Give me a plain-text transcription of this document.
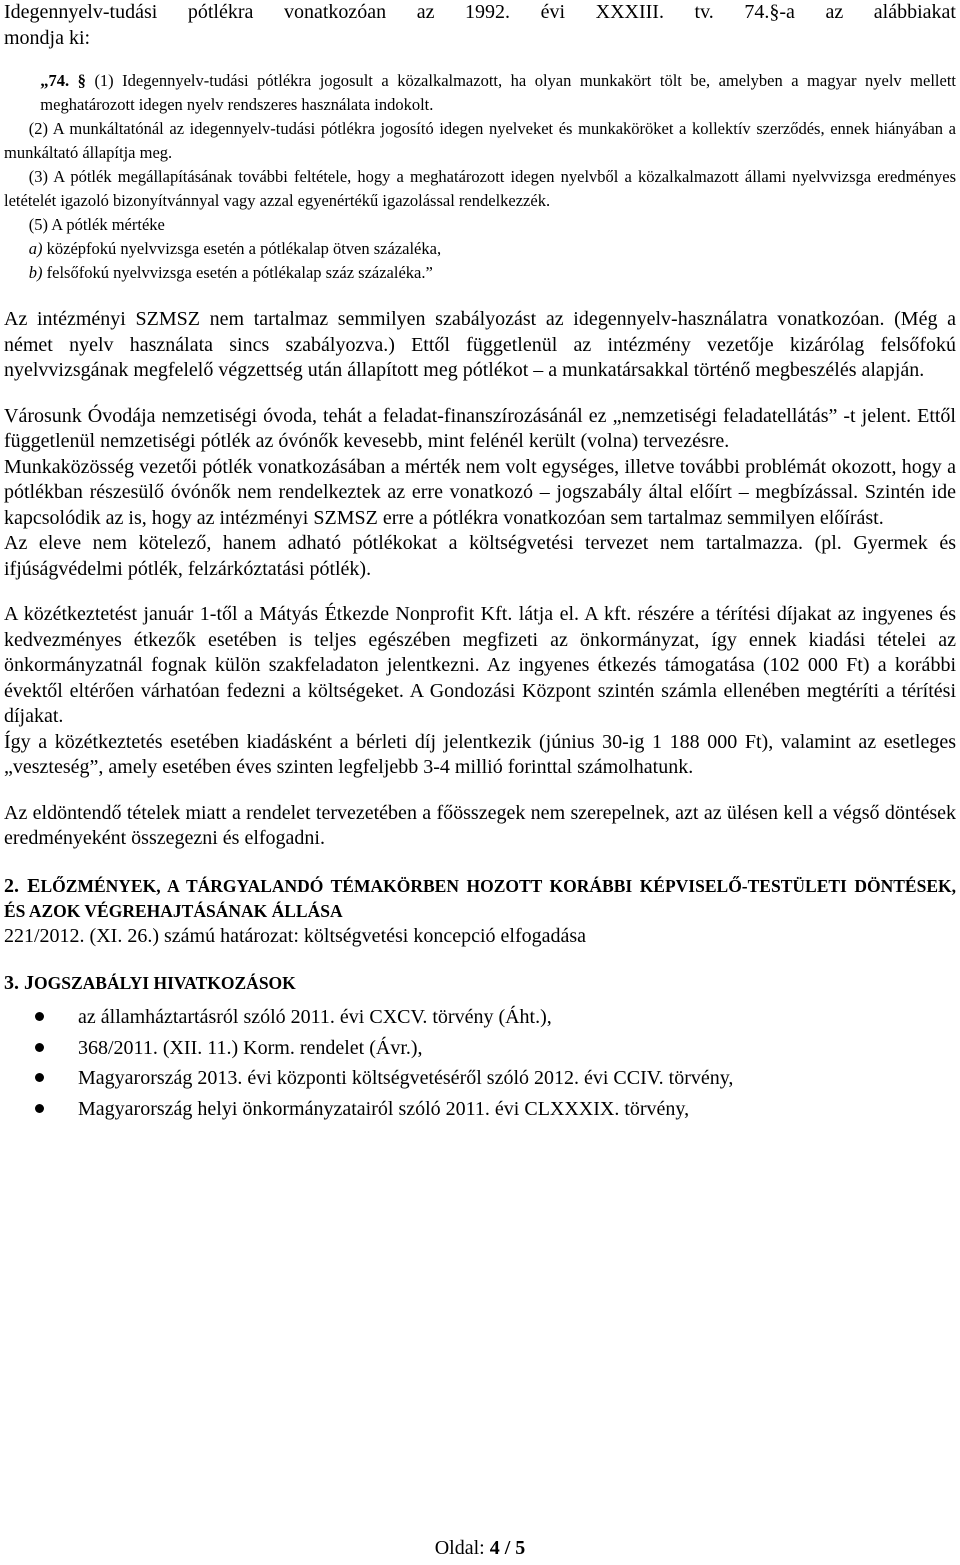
Idegennyelv-tudási pótlékra vonatkozóan az 1992. évi XXXIII. tv. 74.§-a az alábbiakat

mondja ki:

„74. § (1) Idegennyelv-tudási pótlékra jogosult a közalkalmazott, ha olyan munkakört tölt be, amelyben a magyar nyelv mellett meghatározott idegen nyelv rendszeres használata indokolt.

(2) A munkáltatónál az idegennyelv-tudási pótlékra jogosító idegen nyelveket és munkaköröket a kollektív szerződés, ennek hiányában a munkáltató állapítja meg.

(3) A pótlék megállapításának további feltétele, hogy a meghatározott idegen nyelvből a közalkalmazott állami nyelvvizsga eredményes letételét igazoló bizonyítvánnyal vagy azzal egyenértékű igazolással rendelkezzék.

(5) A pótlék mértéke

a) középfokú nyelvvizsga esetén a pótlékalap ötven százaléka,

b) felsőfokú nyelvvizsga esetén a pótlékalap száz százaléka.”

Az intézményi SZMSZ nem tartalmaz semmilyen szabályozást az idegennyelv-használatra vonatkozóan. (Még a német nyelv használata sincs szabályozva.) Ettől függetlenül az intézmény vezetője kizárólag felsőfokú nyelvvizsgának megfelelő végzettség után állapított meg pótlékot – a munkatársakkal történő megbeszélés alapján.

Városunk Óvodája nemzetiségi óvoda, tehát a feladat-finanszírozásánál ez „nemzetiségi feladatellátás” -t jelent. Ettől függetlenül nemzetiségi pótlék az óvónők kevesebb, mint felénél került (volna) tervezésre.

Munkaközösség vezetői pótlék vonatkozásában a mérték nem volt egységes, illetve további problémát okozott, hogy a pótlékban részesülő óvónők nem rendelkeztek az erre vonatkozó – jogszabály által előírt – megbízással. Szintén ide kapcsolódik az is, hogy az intézményi SZMSZ erre a pótlékra vonatkozóan sem tartalmaz semmilyen előírást.

Az eleve nem kötelező, hanem adható pótlékokat a költségvetési tervezet nem tartalmazza. (pl. Gyermek és ifjúságvédelmi pótlék, felzárkóztatási pótlék).

A közétkeztetést január 1-től a Mátyás Étkezde Nonprofit Kft. látja el. A kft. részére a térítési díjakat az ingyenes és kedvezményes étkezők esetében is teljes egészében megfizeti az önkormányzat, így ennek kiadási tételei az önkormányzatnál fognak külön szakfeladaton jelentkezni. Az ingyenes étkezés támogatása (102 000 Ft) a korábbi évektől eltérően várhatóan fedezni a költségeket. A Gondozási Központ szintén számla ellenében megtéríti a térítési díjakat.

Így a közétkeztetés esetében kiadásként a bérleti díj jelentkezik (június 30-ig 1 188 000 Ft), valamint az esetleges „veszteség”, amely esetében éves szinten legfeljebb 3-4 millió forinttal számolhatunk.

Az eldöntendő tételek miatt a rendelet tervezetében a főösszegek nem szerepelnek, azt az ülésen kell a végső döntések eredményeként összegezni és elfogadni.

2. ELŐZMÉNYEK, A TÁRGYALANDÓ TÉMAKÖRBEN HOZOTT KORÁBBI KÉPVISELŐ-TESTÜLETI DÖNTÉSEK, ÉS AZOK VÉGREHAJTÁSÁNAK ÁLLÁSA

221/2012. (XI. 26.) számú határozat: költségvetési koncepció elfogadása

3. JOGSZABÁLYI HIVATKOZÁSOK

az államháztartásról szóló 2011. évi CXCV. törvény (Áht.),
368/2011. (XII. 11.) Korm. rendelet (Ávr.),
Magyarország 2013. évi központi költségvetéséről szóló 2012. évi CCIV. törvény,
Magyarország helyi önkormányzatairól szóló 2011. évi CLXXXIX. törvény,
Oldal: 4 / 5
